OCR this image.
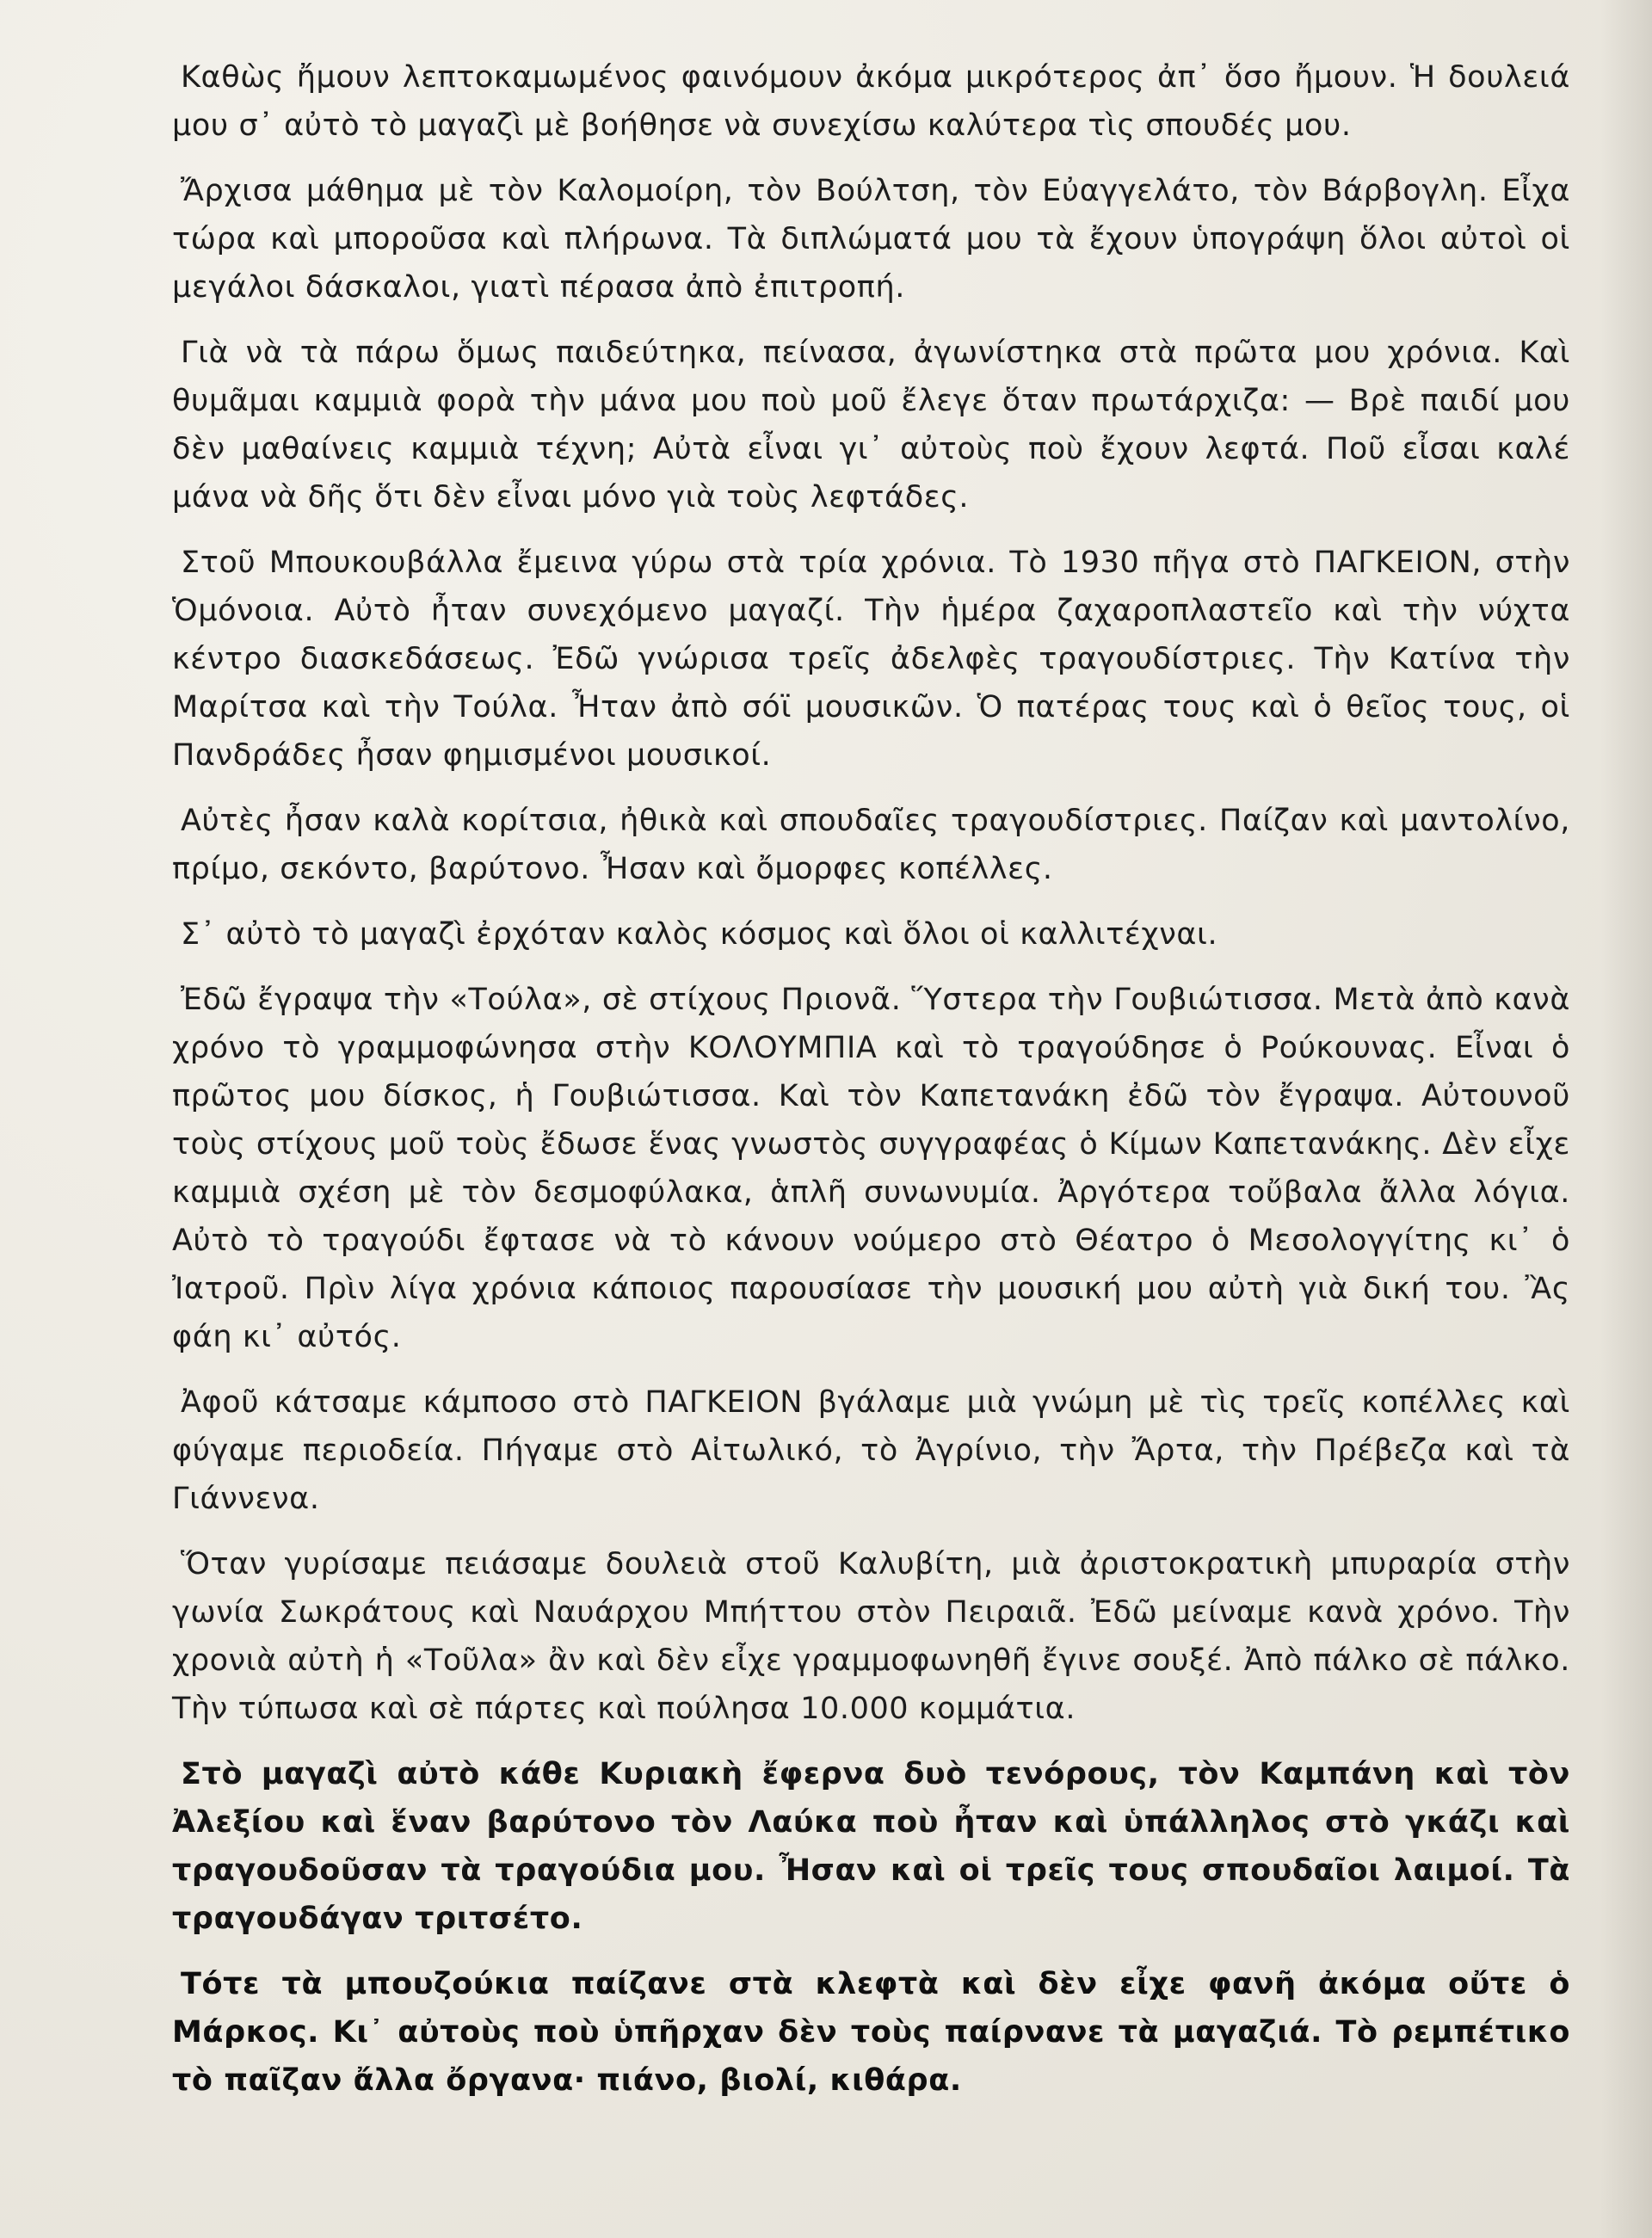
Καθὼς ἤμουν λεπτοκαμωμένος φαινόμουν ἀκόμα μικρότερος ἀπ᾽ ὅσο ἤμουν. Ἡ δουλειά μου σ᾽ αὐτὸ τὸ μαγαζὶ μὲ βοήθησε νὰ συνεχίσω καλύτερα τὶς σπουδές μου.

Ἄρχισα μάθημα μὲ τὸν Καλομοίρη, τὸν Βούλτση, τὸν Εὐαγγελάτο, τὸν Βάρβογλη. Εἶχα τώρα καὶ μποροῦσα καὶ πλήρωνα. Τὰ διπλώματά μου τὰ ἔχουν ὑπογράψη ὅλοι αὐτοὶ οἱ μεγάλοι δάσκαλοι, γιατὶ πέρασα ἀπὸ ἐπιτροπή.

Γιὰ νὰ τὰ πάρω ὅμως παιδεύτηκα, πείνασα, ἀγωνίστηκα στὰ πρῶτα μου χρόνια. Καὶ θυμᾶμαι καμμιὰ φορὰ τὴν μάνα μου ποὺ μοῦ ἔλεγε ὅταν πρωτάρχιζα: — Βρὲ παιδί μου δὲν μαθαίνεις καμμιὰ τέχνη; Αὐτὰ εἶναι γι᾽ αὐτοὺς ποὺ ἔχουν λεφτά. Ποῦ εἶσαι καλέ μάνα νὰ δῆς ὅτι δὲν εἶναι μόνο γιὰ τοὺς λεφτάδες.

Στοῦ Μπουκουβάλλα ἔμεινα γύρω στὰ τρία χρόνια. Τὸ 1930 πῆγα στὸ ΠΑΓΚΕΙΟΝ, στὴν Ὁμόνοια. Αὐτὸ ἦταν συνεχόμενο μαγαζί. Τὴν ἡμέρα ζαχαροπλαστεῖο καὶ τὴν νύχτα κέντρο διασκεδάσεως. Ἐδῶ γνώρισα τρεῖς ἀδελφὲς τραγουδίστριες. Τὴν Κατίνα τὴν Μαρίτσα καὶ τὴν Τούλα. Ἦταν ἀπὸ σόϊ μουσικῶν. Ὁ πατέρας τους καὶ ὁ θεῖος τους, οἱ Πανδράδες ἦσαν φημισμένοι μουσικοί.

Αὐτὲς ἦσαν καλὰ κορίτσια, ἠθικὰ καὶ σπουδαῖες τραγουδίστριες. Παίζαν καὶ μαντολίνο, πρίμο, σεκόντο, βαρύτονο. Ἦσαν καὶ ὄμορφες κοπέλλες.

Σ᾽ αὐτὸ τὸ μαγαζὶ ἐρχόταν καλὸς κόσμος καὶ ὅλοι οἱ καλλιτέχναι.

Ἐδῶ ἔγραψα τὴν «Τούλα», σὲ στίχους Πριονᾶ. Ὕστερα τὴν Γουβιώτισσα. Μετὰ ἀπὸ κανὰ χρόνο τὸ γραμμοφώνησα στὴν ΚΟΛΟΥΜΠΙΑ καὶ τὸ τραγούδησε ὁ Ρούκουνας. Εἶναι ὁ πρῶτος μου δίσκος, ἡ Γουβιώτισσα. Καὶ τὸν Καπετανάκη ἐδῶ τὸν ἔγραψα. Αὐτουνοῦ τοὺς στίχους μοῦ τοὺς ἔδωσε ἕνας γνωστὸς συγγραφέας ὁ Κίμων Καπετανάκης. Δὲν εἶχε καμμιὰ σχέση μὲ τὸν δεσμοφύλακα, ἁπλῆ συνωνυμία. Ἀργότερα τοὔβαλα ἄλλα λόγια. Αὐτὸ τὸ τραγούδι ἔφτασε νὰ τὸ κάνουν νούμερο στὸ Θέατρο ὁ Μεσολογγίτης κι᾽ ὁ Ἰατροῦ. Πρὶν λίγα χρόνια κάποιος παρουσίασε τὴν μουσική μου αὐτὴ γιὰ δική του. Ἂς φάη κι᾽ αὐτός.

Ἀφοῦ κάτσαμε κάμποσο στὸ ΠΑΓΚΕΙΟΝ βγάλαμε μιὰ γνώμη μὲ τὶς τρεῖς κοπέλλες καὶ φύγαμε περιοδεία. Πήγαμε στὸ Αἰτωλικό, τὸ Ἀγρίνιο, τὴν Ἄρτα, τὴν Πρέβεζα καὶ τὰ Γιάννενα.

Ὅταν γυρίσαμε πειάσαμε δουλειὰ στοῦ Καλυβίτη, μιὰ ἀριστοκρατικὴ μπυραρία στὴν γωνία Σωκράτους καὶ Ναυάρχου Μπήττου στὸν Πειραιᾶ. Ἐδῶ μείναμε κανὰ χρόνο. Τὴν χρονιὰ αὐτὴ ἡ «Τοῦλα» ἂν καὶ δὲν εἶχε γραμμοφωνηθῆ ἔγινε σουξέ. Ἀπὸ πάλκο σὲ πάλκο. Τὴν τύπωσα καὶ σὲ πάρτες καὶ πούλησα 10.000 κομμάτια.

Στὸ μαγαζὶ αὐτὸ κάθε Κυριακὴ ἔφερνα δυὸ τενόρους, τὸν Καμπάνη καὶ τὸν Ἀλεξίου καὶ ἕναν βαρύτονο τὸν Λαύκα ποὺ ἦταν καὶ ὑπάλληλος στὸ γκάζι καὶ τραγουδοῦσαν τὰ τραγούδια μου. Ἦσαν καὶ οἱ τρεῖς τους σπουδαῖοι λαιμοί. Τὰ τραγουδάγαν τριτσέτο.

Τότε τὰ μπουζούκια παίζανε στὰ κλεφτὰ καὶ δὲν εἶχε φανῆ ἀκόμα οὔτε ὁ Μάρκος. Κι᾽ αὐτοὺς ποὺ ὑπῆρχαν δὲν τοὺς παίρνανε τὰ μαγαζιά. Τὸ ρεμπέτικο τὸ παῖζαν ἄλλα ὄργανα· πιάνο, βιολί, κιθάρα.
